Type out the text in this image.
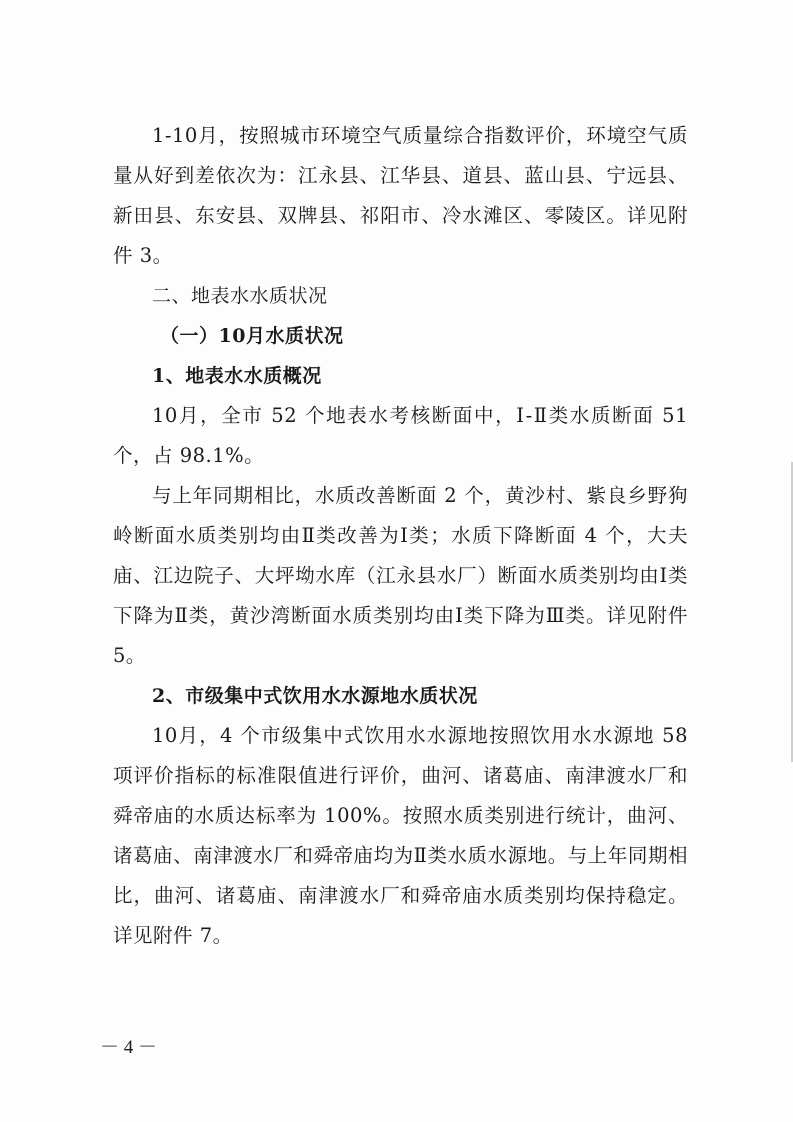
1-10月，按照城市环境空气质量综合指数评价，环境空气质量从好到差依次为：江永县、江华县、道县、蓝山县、宁远县、新田县、东安县、双牌县、祁阳市、冷水滩区、零陵区。详见附件 3。

二、地表水水质状况

（一）10月水质状况

1、地表水水质概况

10月，全市 52 个地表水考核断面中，Ⅰ-Ⅱ类水质断面 51 个，占 98.1%。

与上年同期相比，水质改善断面 2 个，黄沙村、紫良乡野狗岭断面水质类别均由Ⅱ类改善为Ⅰ类；水质下降断面 4 个，大夫庙、江边院子、大坪坳水库（江永县水厂）断面水质类别均由Ⅰ类下降为Ⅱ类，黄沙湾断面水质类别均由Ⅰ类下降为Ⅲ类。详见附件 5。

2、市级集中式饮用水水源地水质状况

10月，4 个市级集中式饮用水水源地按照饮用水水源地 58 项评价指标的标准限值进行评价，曲河、诸葛庙、南津渡水厂和舜帝庙的水质达标率为 100%。按照水质类别进行统计，曲河、诸葛庙、南津渡水厂和舜帝庙均为Ⅱ类水质水源地。与上年同期相比，曲河、诸葛庙、南津渡水厂和舜帝庙水质类别均保持稳定。详见附件 7。

－ 4 －
